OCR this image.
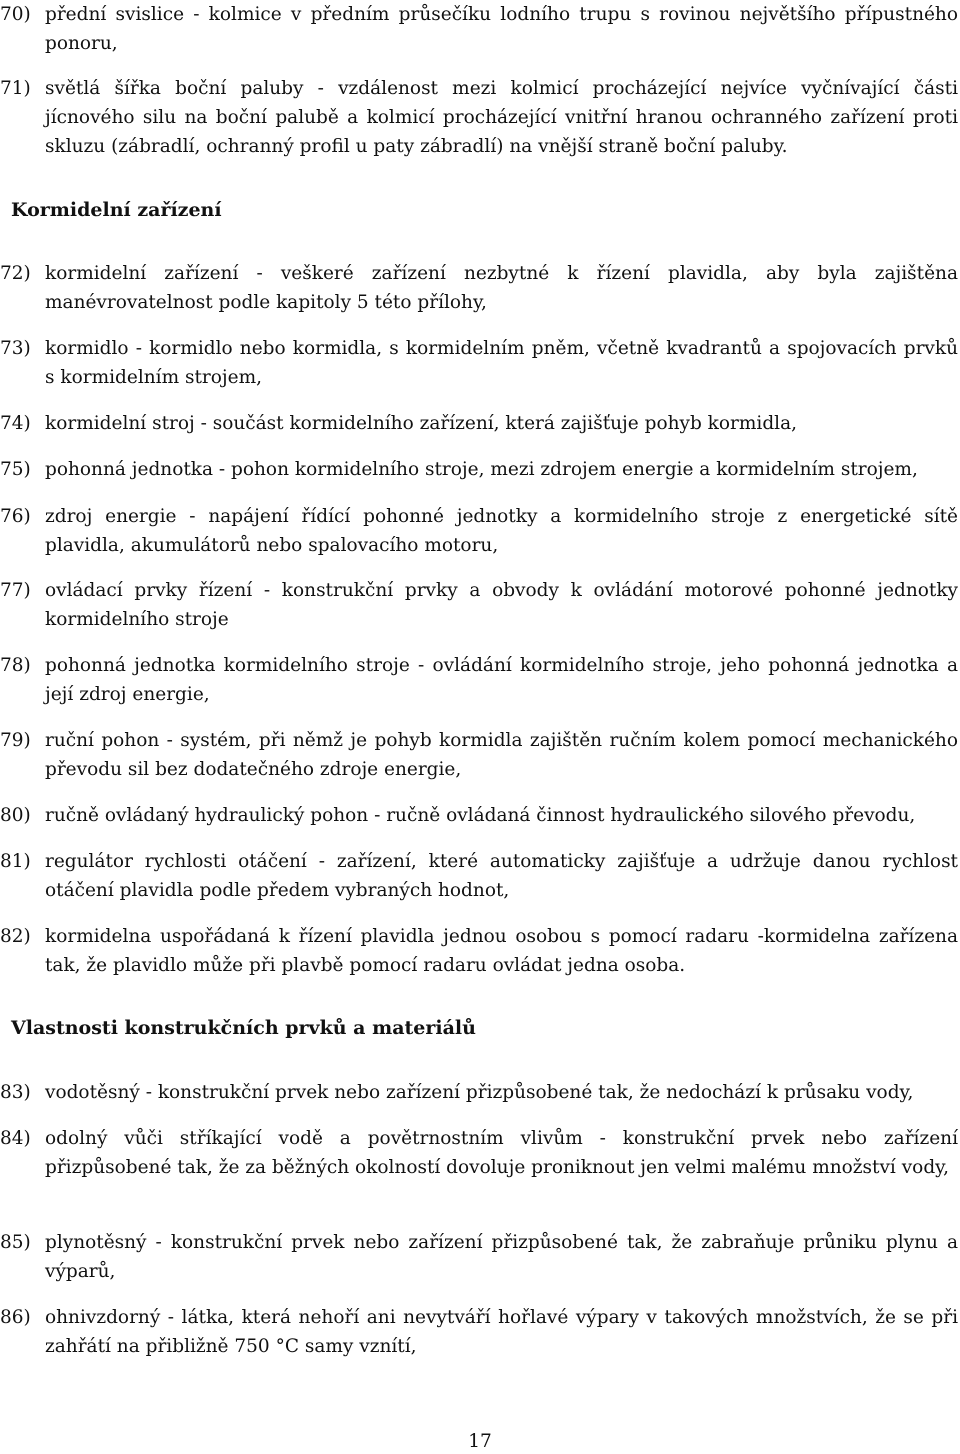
70) přední svislice - kolmice v předním průsečíku lodního trupu s rovinou největšího přípustného ponoru,
71) světlá šířka boční paluby - vzdálenost mezi kolmicí procházející nejvíce vyčnívající části jícnového silu na boční palubě a kolmicí procházející vnitřní hranou ochranného zařízení proti skluzu (zábradlí, ochranný profil u paty zábradlí) na vnější straně boční paluby.
Kormidelní zařízení
72) kormidelní zařízení - veškeré zařízení nezbytné k řízení plavidla, aby byla zajištěna manévrovatelnost podle kapitoly 5 této přílohy,
73) kormidlo - kormidlo nebo kormidla, s kormidelním pněm, včetně kvadrantů a spojovacích prvků s kormidelním strojem,
74) kormidelní stroj - součást kormidelního zařízení, která zajišťuje pohyb kormidla,
75) pohonná jednotka - pohon kormidelního stroje, mezi zdrojem energie a kormidelním strojem,
76) zdroj energie - napájení řídící pohonné jednotky a kormidelního stroje z energetické sítě plavidla, akumulátorů nebo spalovacího motoru,
77) ovládací prvky řízení - konstrukční prvky a obvody k ovládání motorové pohonné jednotky kormidelního stroje
78) pohonná jednotka kormidelního stroje - ovládání kormidelního stroje, jeho pohonná jednotka a její zdroj energie,
79) ruční pohon - systém, při němž je pohyb kormidla zajištěn ručním kolem pomocí mechanického převodu sil bez dodatečného zdroje energie,
80) ručně ovládaný hydraulický pohon - ručně ovládaná činnost hydraulického silového převodu,
81) regulátor rychlosti otáčení - zařízení, které automaticky zajišťuje a udržuje danou rychlost otáčení plavidla podle předem vybraných hodnot,
82) kormidelna uspořádaná k řízení plavidla jednou osobou s pomocí radaru -kormidelna zařízena tak, že plavidlo může při plavbě pomocí radaru ovládat jedna osoba.
Vlastnosti konstrukčních prvků a materiálů
83) vodotěsný - konstrukční prvek nebo zařízení přizpůsobené tak, že nedochází k průsaku vody,
84) odolný vůči stříkající vodě a povětrnostním vlivům - konstrukční prvek nebo zařízení přizpůsobené tak, že za běžných okolností dovoluje proniknout jen velmi malému množství vody,
85) plynotěsný - konstrukční prvek nebo zařízení přizpůsobené tak, že zabraňuje průniku plynu a výparů,
86) ohnivzdorný - látka, která nehoří ani nevytváří hořlavé výpary v takových množstvích, že se při zahřátí na přibližně 750 °C samy vznítí,
17
